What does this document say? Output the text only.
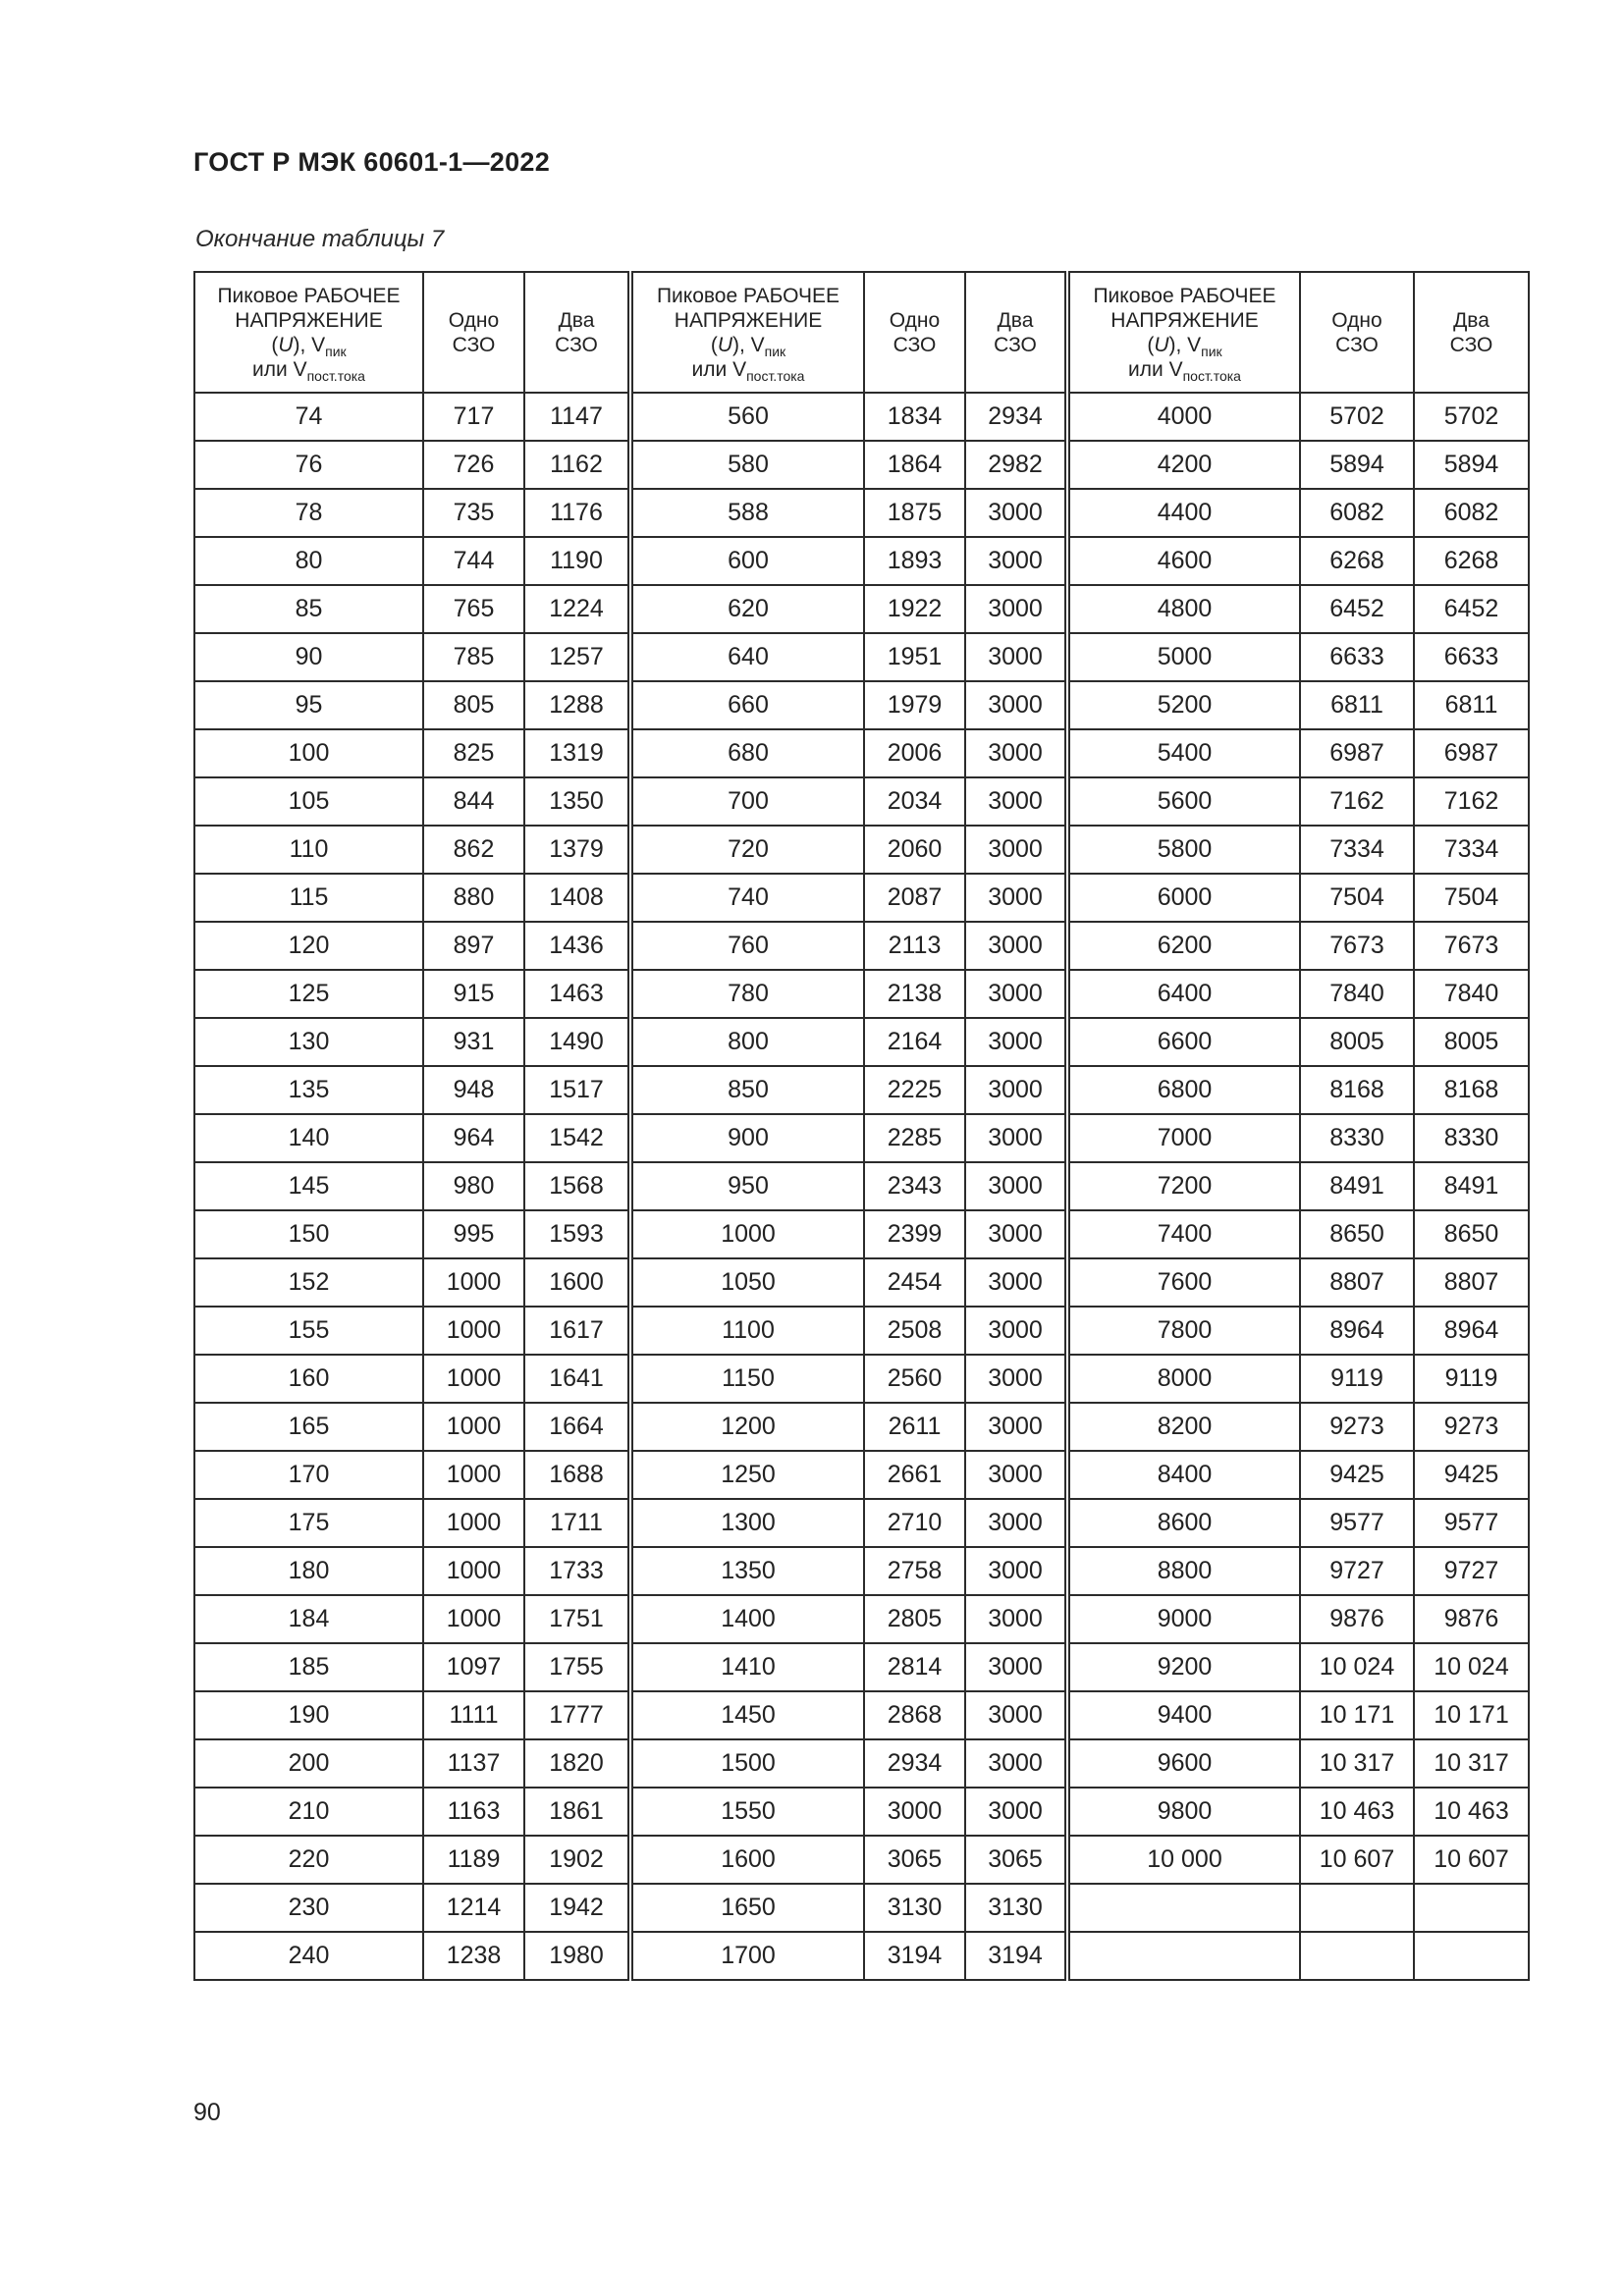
ГОСТ Р МЭК 60601-1—2022
Окончание таблицы 7
Пиковое РАБОЧЕЕ
НАПРЯЖЕНИЕ
(U), $V_{пик}$
или $V_{пост.тока}$	Одно
СЗО	Два
СЗО	Пиковое РАБОЧЕЕ
НАПРЯЖЕНИЕ
(U), $V_{пик}$
или $V_{пост.тока}$	Одно
СЗО	Два
СЗО	Пиковое РАБОЧЕЕ
НАПРЯЖЕНИЕ
(U), $V_{пик}$
или $V_{пост.тока}$	Одно
СЗО	Два
СЗО

74	717	1147	560	1834	2934	4000	5702	5702
76	726	1162	580	1864	2982	4200	5894	5894
78	735	1176	588	1875	3000	4400	6082	6082
80	744	1190	600	1893	3000	4600	6268	6268
85	765	1224	620	1922	3000	4800	6452	6452
90	785	1257	640	1951	3000	5000	6633	6633
95	805	1288	660	1979	3000	5200	6811	6811
100	825	1319	680	2006	3000	5400	6987	6987
105	844	1350	700	2034	3000	5600	7162	7162
110	862	1379	720	2060	3000	5800	7334	7334
115	880	1408	740	2087	3000	6000	7504	7504
120	897	1436	760	2113	3000	6200	7673	7673
125	915	1463	780	2138	3000	6400	7840	7840
130	931	1490	800	2164	3000	6600	8005	8005
135	948	1517	850	2225	3000	6800	8168	8168
140	964	1542	900	2285	3000	7000	8330	8330
145	980	1568	950	2343	3000	7200	8491	8491
150	995	1593	1000	2399	3000	7400	8650	8650
152	1000	1600	1050	2454	3000	7600	8807	8807
155	1000	1617	1100	2508	3000	7800	8964	8964
160	1000	1641	1150	2560	3000	8000	9119	9119
165	1000	1664	1200	2611	3000	8200	9273	9273
170	1000	1688	1250	2661	3000	8400	9425	9425
175	1000	1711	1300	2710	3000	8600	9577	9577
180	1000	1733	1350	2758	3000	8800	9727	9727
184	1000	1751	1400	2805	3000	9000	9876	9876
185	1097	1755	1410	2814	3000	9200	10 024	10 024
190	1111	1777	1450	2868	3000	9400	10 171	10 171
200	1137	1820	1500	2934	3000	9600	10 317	10 317
210	1163	1861	1550	3000	3000	9800	10 463	10 463
220	1189	1902	1600	3065	3065	10 000	10 607	10 607
230	1214	1942	1650	3130	3130			
240	1238	1980	1700	3194	3194			
90
